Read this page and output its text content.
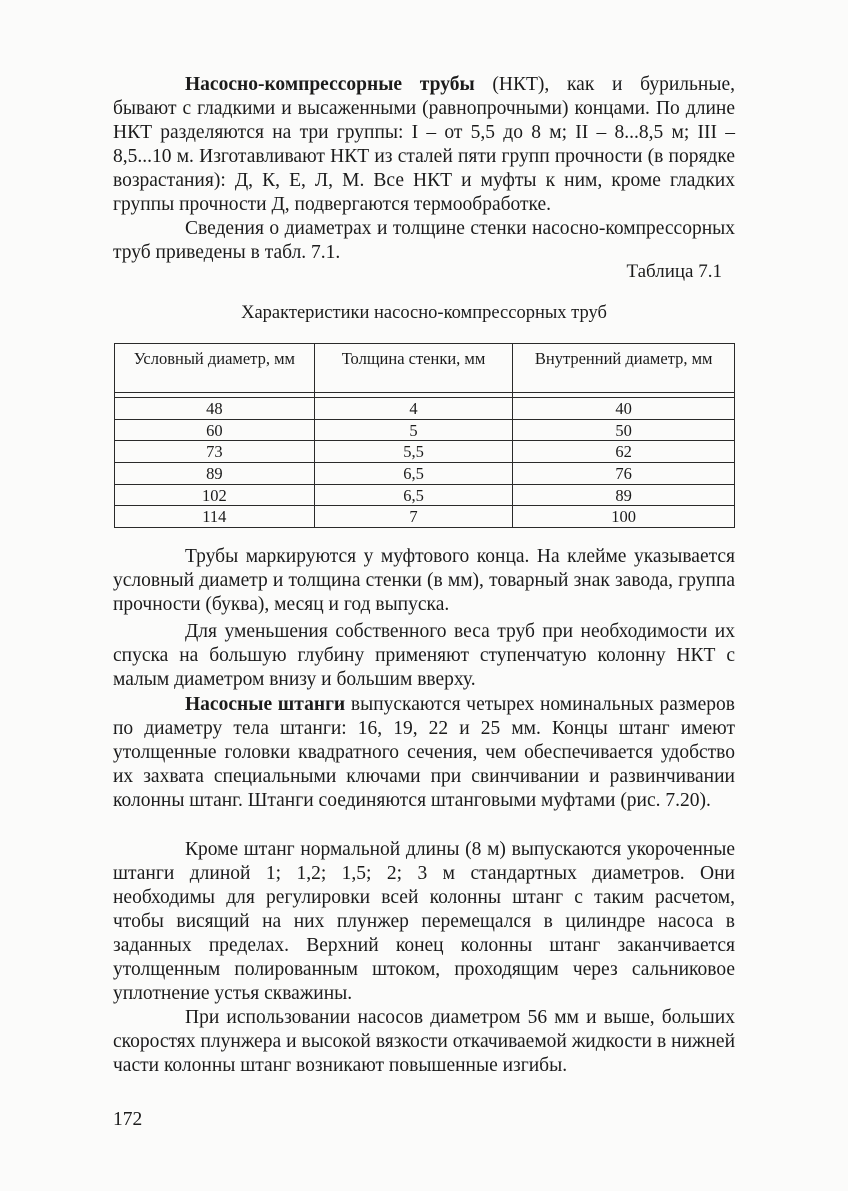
Насосно-компрессорные трубы (НКТ), как и бурильные, бывают с гладкими и высаженными (равнопрочными) концами. По длине НКТ разделяются на три группы: I – от 5,5 до 8 м; II – 8...8,5 м; III – 8,5...10 м. Изготавливают НКТ из сталей пяти групп прочности (в порядке возрастания): Д, К, Е, Л, М. Все НКТ и муфты к ним, кроме гладких группы прочности Д, подвергаются термообработке.

Сведения о диаметрах и толщине стенки насосно-компрессорных труб приведены в табл. 7.1.

Таблица 7.1

Характеристики насосно-компрессорных труб

Условный диаметр, мм	Толщина стенки, мм	Внутренний диаметр, мм

48	4	40
60	5	50
73	5,5	62
89	6,5	76
102	6,5	89
114	7	100

Трубы маркируются у муфтового конца. На клейме указывается условный диаметр и толщина стенки (в мм), товарный знак завода, группа прочности (буква), месяц и год выпуска.

Для уменьшения собственного веса труб при необходимости их спуска на большую глубину применяют ступенчатую колонну НКТ с малым диаметром внизу и большим вверху.

Насосные штанги выпускаются четырех номинальных размеров по диаметру тела штанги: 16, 19, 22 и 25 мм. Концы штанг имеют утолщенные головки квадратного сечения, чем обеспечивается удобство их захвата специальными ключами при свинчивании и развинчивании колонны штанг. Штанги соединяются штанговыми муфтами (рис. 7.20).

Кроме штанг нормальной длины (8 м) выпускаются укороченные штанги длиной 1; 1,2; 1,5; 2; 3 м стандартных диаметров. Они необходимы для регулировки всей колонны штанг с таким расчетом, чтобы висящий на них плунжер перемещался в цилиндре насоса в заданных пределах. Верхний конец колонны штанг заканчивается утолщенным полированным штоком, проходящим через сальниковое уплотнение устья скважины.

При использовании насосов диаметром 56 мм и выше, больших скоростях плунжера и высокой вязкости откачиваемой жидкости в нижней части колонны штанг возникают повышенные изгибы.

172
